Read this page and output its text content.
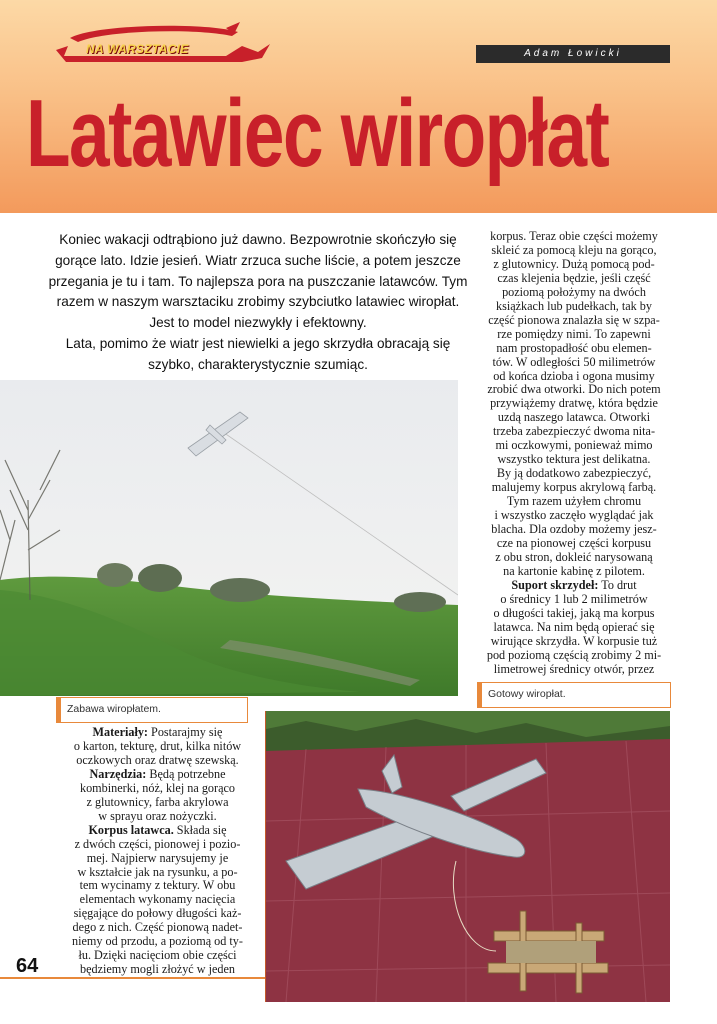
NA WARSZTACIE	Adam Łowicki
Latawiec wiropłat
Koniec wakacji odtrąbiono już dawno. Bezpowrotnie skończyło się gorące lato. Idzie jesień. Wiatr zrzuca suche liście, a potem jeszcze przegania je tu i tam. To najlepsza pora na puszczanie latawców. Tym razem w naszym warsztaciku zrobimy szybciutko latawiec wiropłat. Jest to model niezwykły i efektowny.
Lata, pomimo że wiatr jest niewielki a jego skrzydła obracają się szybko, charakterystycznie szumiąc.
korpus. Teraz obie części możemy
skleić za pomocą kleju na gorąco,
z glutownicy. Dużą pomocą pod-
czas klejenia będzie, jeśli część
poziomą położymy na dwóch
książkach lub pudełkach, tak by
część pionowa znalazła się w szpa-
rze pomiędzy nimi. To zapewni
nam prostopadłość obu elemen-
tów. W odległości 50 milimetrów
od końca dzioba i ogona musimy
zrobić dwa otworki. Do nich potem
przywiążemy dratwę, która będzie
uzdą naszego latawca. Otworki
trzeba zabezpieczyć dwoma nita-
mi oczkowymi, ponieważ mimo
wszystko tektura jest delikatna.
By ją dodatkowo zabezpieczyć,
malujemy korpus akrylową farbą.
Tym razem użyłem chromu
i wszystko zaczęło wyglądać jak
blacha. Dla ozdoby możemy jesz-
cze na pionowej części korpusu
z obu stron, dokleić narysowaną
na kartonie kabinę z pilotem.
Suport skrzydeł: To drut
o średnicy 1 lub 2 milimetrów
o długości takiej, jaką ma korpus
latawca. Na nim będą opierać się
wirujące skrzydła. W korpusie tuż
pod poziomą częścią zrobimy 2 mi-
limetrowej średnicy otwór, przez
Zabawa wiropłatem.
Gotowy wiropłat.
Materiały: Postarajmy się
o karton, tekturę, drut, kilka nitów
oczkowych oraz dratwę szewską.
Narzędzia: Będą potrzebne
kombinerki, nóż, klej na gorąco
z glutownicy, farba akrylowa
w sprayu oraz nożyczki.
Korpus latawca. Składa się
z dwóch części, pionowej i pozio-
mej. Najpierw narysujemy je
w kształcie jak na rysunku, a po-
tem wycinamy z tektury. W obu
elementach wykonamy nacięcia
sięgające do połowy długości każ-
dego z nich. Część pionową nadet-
niemy od przodu, a poziomą od ty-
łu. Dzięki nacięciom obie części
będziemy mogli złożyć w jeden
64
